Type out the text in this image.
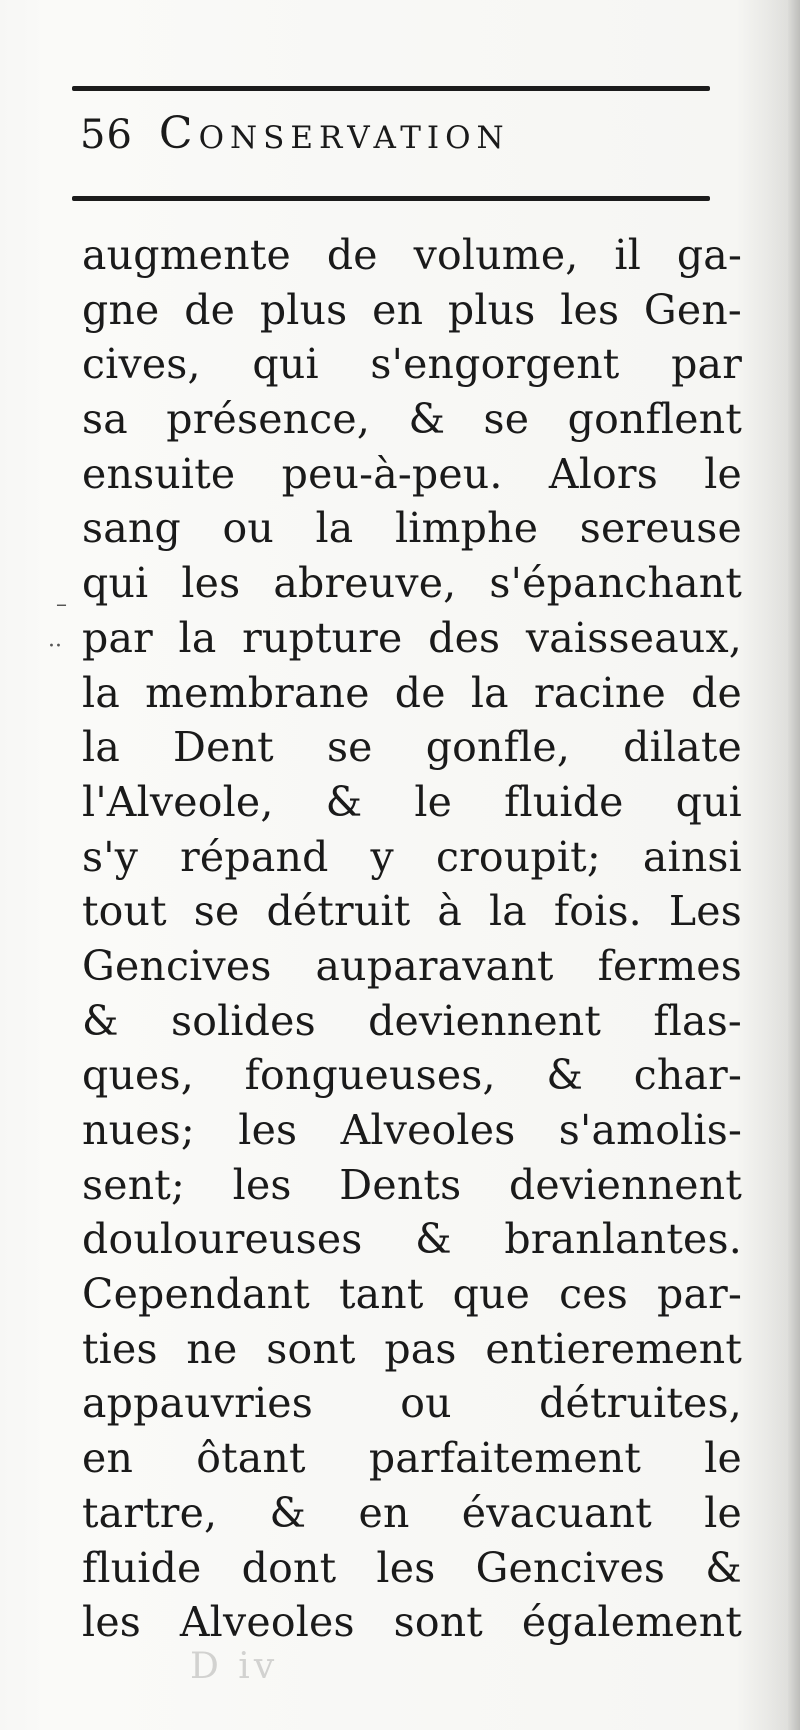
56 Conservation
–
··
augmente de volume, il ga-
gne de plus en plus les Gen-
cives, qui s'engorgent par
sa présence, & se gonflent
ensuite peu-à-peu. Alors le
sang ou la limphe sereuse
qui les abreuve, s'épanchant
par la rupture des vaisseaux,
la membrane de la racine de
la Dent se gonfle, dilate
l'Alveole, & le fluide qui
s'y répand y croupit; ainsi
tout se détruit à la fois. Les
Gencives auparavant fermes
& solides deviennent flas-
ques, fongueuses, & char-
nues; les Alveoles s'amolis-
sent; les Dents deviennent
douloureuses & branlantes.
Cependant tant que ces par-
ties ne sont pas entierement
appauvries ou détruites,
en ôtant parfaitement le
tartre, & en évacuant le
fluide dont les Gencives &
les Alveoles sont également
D iv
